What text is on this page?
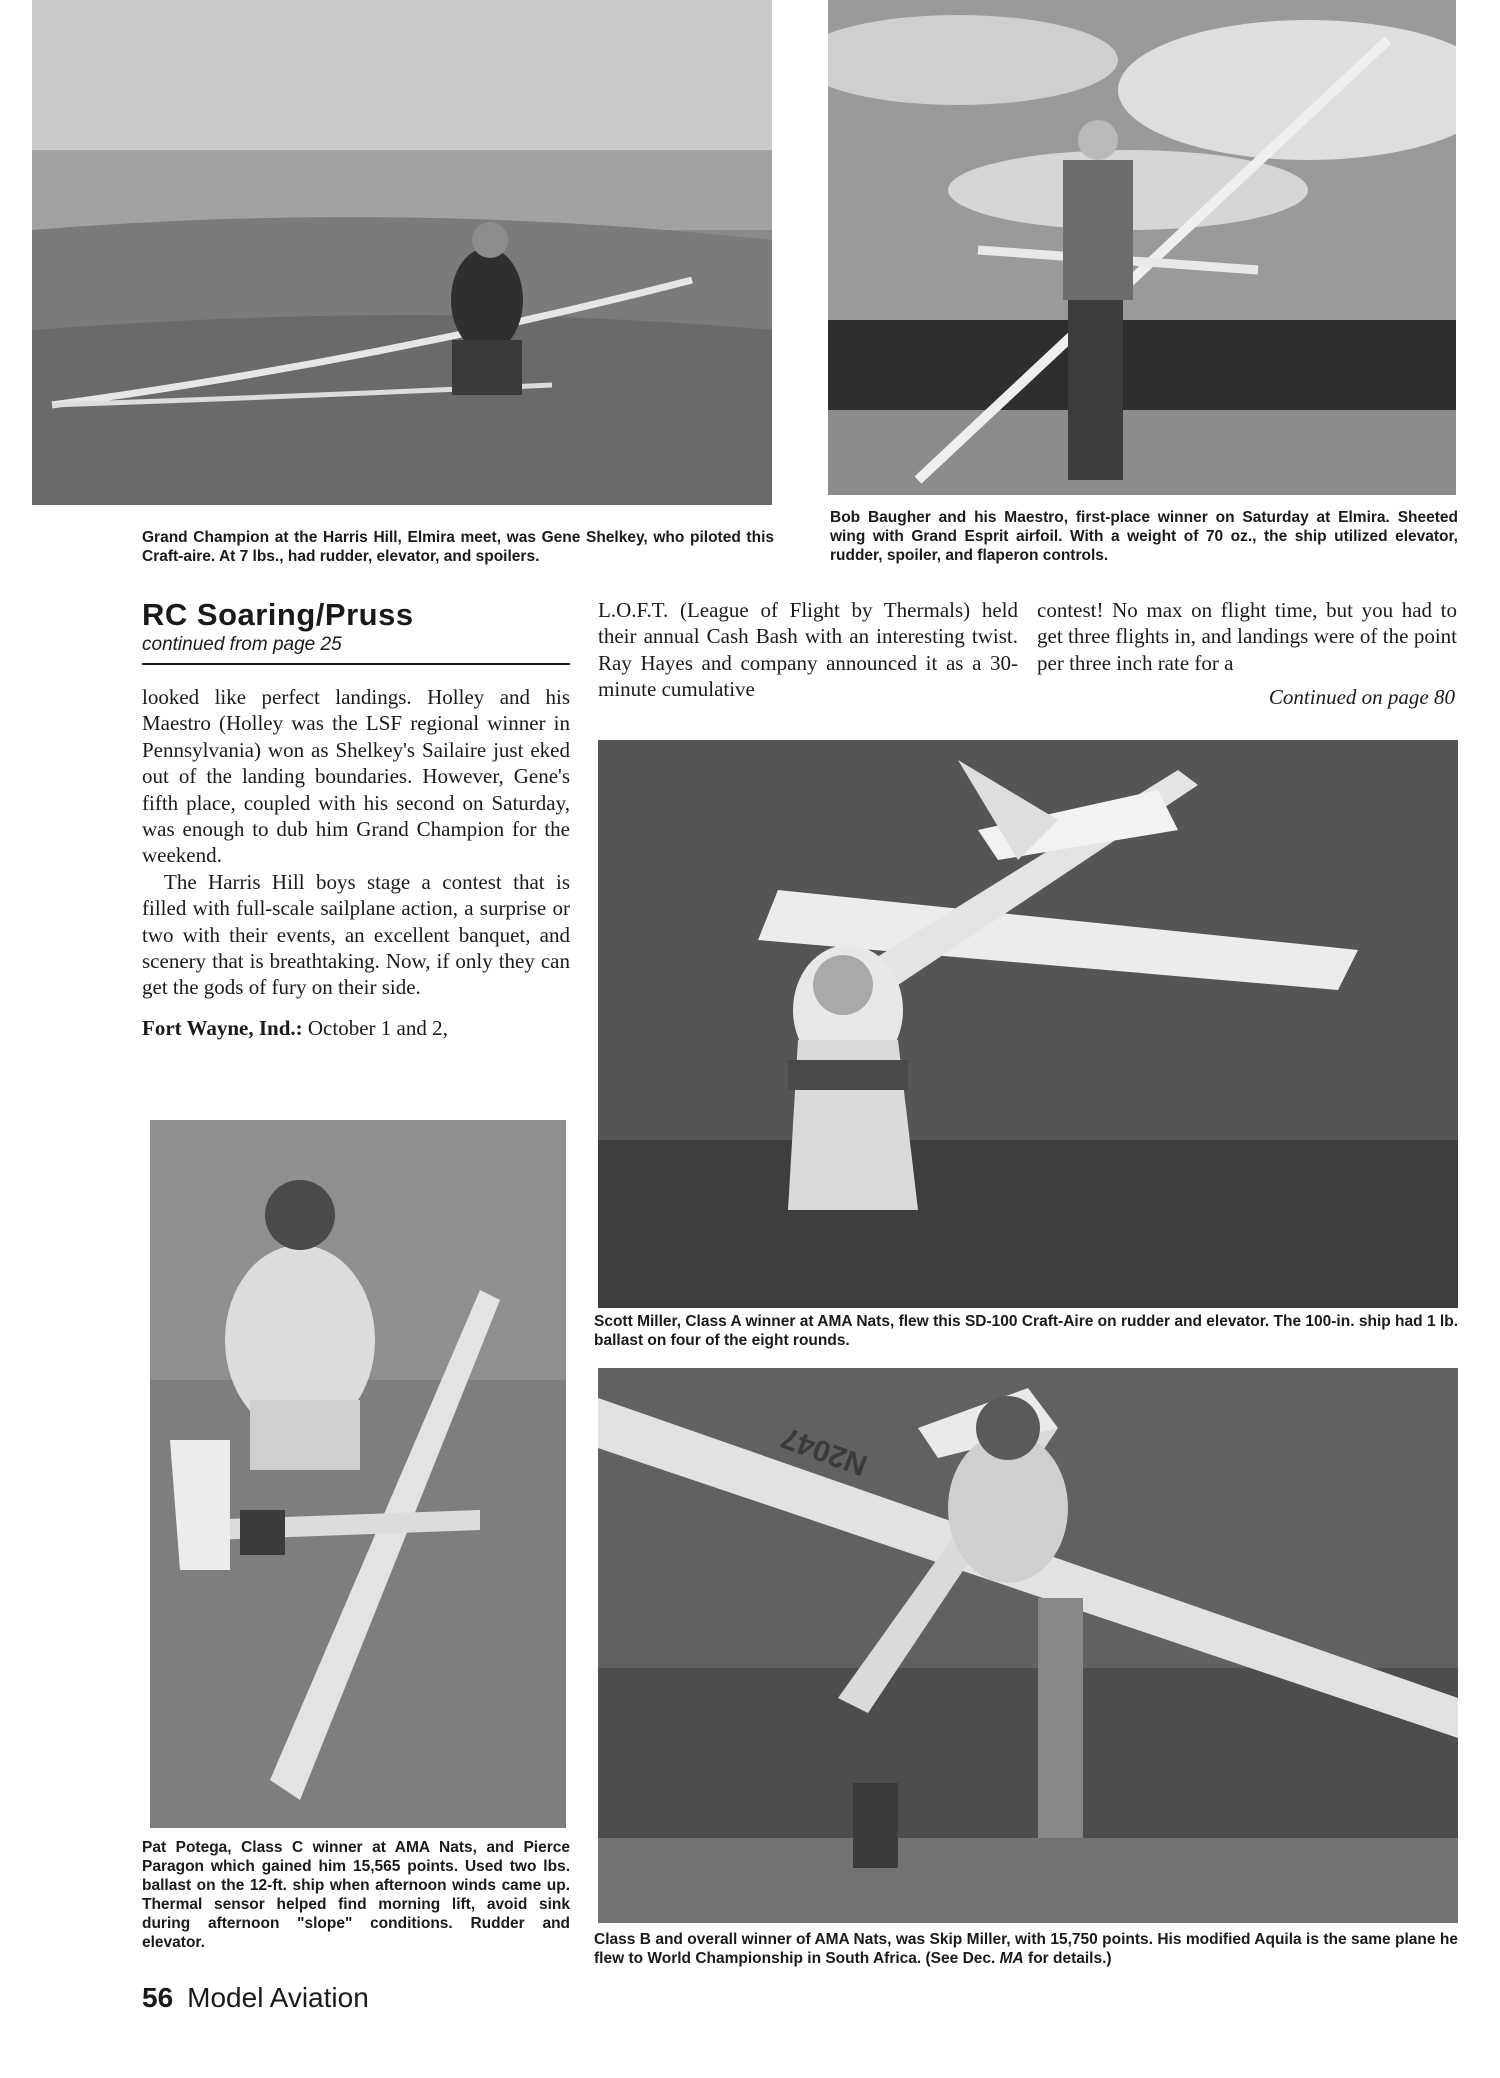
Grand Champion at the Harris Hill, Elmira meet, was Gene Shelkey, who piloted this Craft-aire. At 7 lbs., had rudder, elevator, and spoilers.

Bob Baugher and his Maestro, first-place winner on Saturday at Elmira. Sheeted wing with Grand Esprit airfoil. With a weight of 70 oz., the ship utilized elevator, rudder, spoiler, and flaperon controls.

RC Soaring/Pruss
continued from page 25

looked like perfect landings. Holley and his Maestro (Holley was the LSF regional winner in Pennsylvania) won as Shelkey's Sailaire just eked out of the landing boundaries. However, Gene's fifth place, coupled with his second on Saturday, was enough to dub him Grand Champion for the weekend.

The Harris Hill boys stage a contest that is filled with full-scale sailplane action, a surprise or two with their events, an excellent banquet, and scenery that is breathtaking. Now, if only they can get the gods of fury on their side.

Fort Wayne, Ind.: October 1 and 2,

L.O.F.T. (League of Flight by Thermals) held their annual Cash Bash with an interesting twist. Ray Hayes and company announced it as a 30-minute cumulative

contest! No max on flight time, but you had to get three flights in, and landings were of the point per three inch rate for a

Continued on page 80

Scott Miller, Class A winner at AMA Nats, flew this SD-100 Craft-Aire on rudder and elevator. The 100-in. ship had 1 lb. ballast on four of the eight rounds.

Pat Potega, Class C winner at AMA Nats, and Pierce Paragon which gained him 15,565 points. Used two lbs. ballast on the 12-ft. ship when afternoon winds came up. Thermal sensor helped find morning lift, avoid sink during afternoon "slope" conditions. Rudder and elevator.

N2047

Class B and overall winner of AMA Nats, was Skip Miller, with 15,750 points. His modified Aquila is the same plane he flew to World Championship in South Africa. (See Dec. MA for details.)

56 Model Aviation
